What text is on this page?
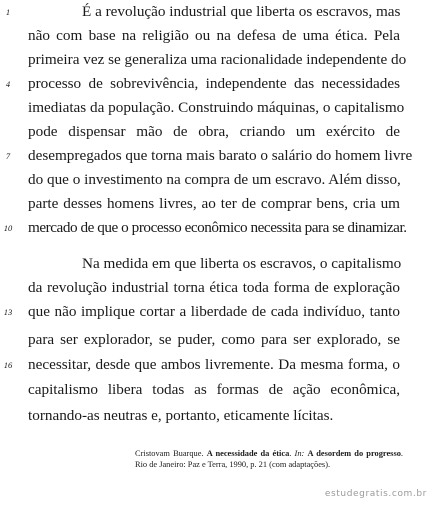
1
4
7
10
13
16
É a revolução industrial que liberta os escravos, mas
não com base na religião ou na defesa de uma ética. Pela
primeira vez se generaliza uma racionalidade independente do
processo de sobrevivência, independente das necessidades
imediatas da população. Construindo máquinas, o capitalismo
pode dispensar mão de obra, criando um exército de
desempregados que torna mais barato o salário do homem livre
do que o investimento na compra de um escravo. Além disso,
parte desses homens livres, ao ter de comprar bens, cria um
mercado de que o processo econômico necessita para se dinamizar.
Na medida em que liberta os escravos, o capitalismo
da revolução industrial torna ética toda forma de exploração
que não implique cortar a liberdade de cada indivíduo, tanto
para ser explorador, se puder, como para ser explorado, se
necessitar, desde que ambos livremente. Da mesma forma, o
capitalismo libera todas as formas de ação econômica,
tornando-as neutras e, portanto, eticamente lícitas.
Cristovam Buarque. A necessidade da ética. In: A desordem do progresso. Rio de Janeiro: Paz e Terra, 1990, p. 21 (com adaptações).
estudegratis.com.br
